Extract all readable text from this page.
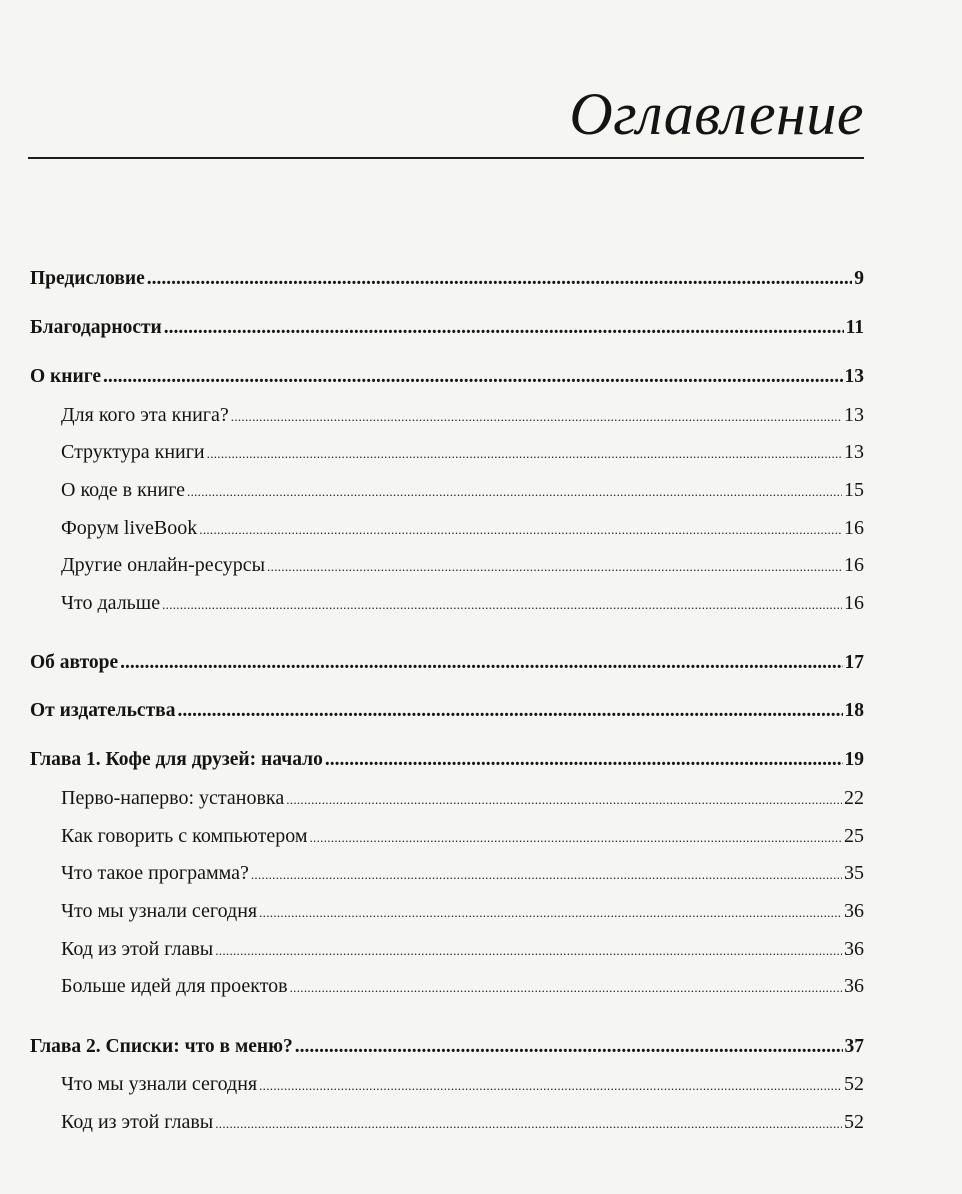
Оглавление
Предисловие .....	9
Благодарности .....	11
О книге .....	13
Для кого эта книга? .....	13
Структура книги .....	13
О коде в книге .....	15
Форум liveBook .....	16
Другие онлайн-ресурсы .....	16
Что дальше .....	16
Об авторе .....	17
От издательства .....	18
Глава 1. Кофе для друзей: начало .....	19
Перво-наперво: установка .....	22
Как говорить с компьютером .....	25
Что такое программа? .....	35
Что мы узнали сегодня .....	36
Код из этой главы .....	36
Больше идей для проектов .....	36
Глава 2. Списки: что в меню? .....	37
Что мы узнали сегодня .....	52
Код из этой главы .....	52
